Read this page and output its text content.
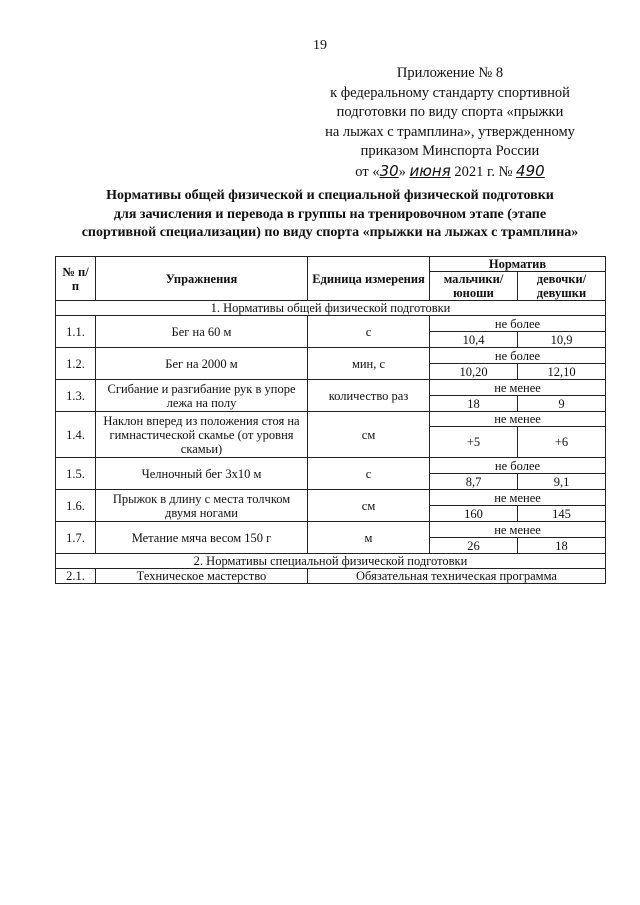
19
Приложение № 8
к федеральному стандарту спортивной
подготовки по виду спорта «прыжки
на лыжах с трамплина», утвержденному
приказом Минспорта России
от «30» июня 2021 г. № 490
Нормативы общей физической и специальной физической подготовки
для зачисления и перевода в группы на тренировочном этапе (этапе
спортивной специализации) по виду спорта «прыжки на лыжах с трамплина»
№ п/п	Упражнения	Единица измерения	Норматив	
			мальчики/ юноши	девочки/ девушки
1. Нормативы общей физической подготовки				
1.1.	Бег на 60 м	с	не более	
			10,4	10,9
1.2.	Бег на 2000 м	мин, с	не более	
			10,20	12,10
1.3.	Сгибание и разгибание рук в упоре лежа на полу	количество раз	не менее	
			18	9
1.4.	Наклон вперед из положения стоя на гимнастической скамье (от уровня скамьи)	см	не менее	
			+5	+6
1.5.	Челночный бег 3x10 м	с	не более	
			8,7	9,1
1.6.	Прыжок в длину с места толчком двумя ногами	см	не менее	
			160	145
1.7.	Метание мяча весом 150 г	м	не менее	
			26	18
2. Нормативы специальной физической подготовки				
2.1.	Техническое мастерство	Обязательная техническая программа		
